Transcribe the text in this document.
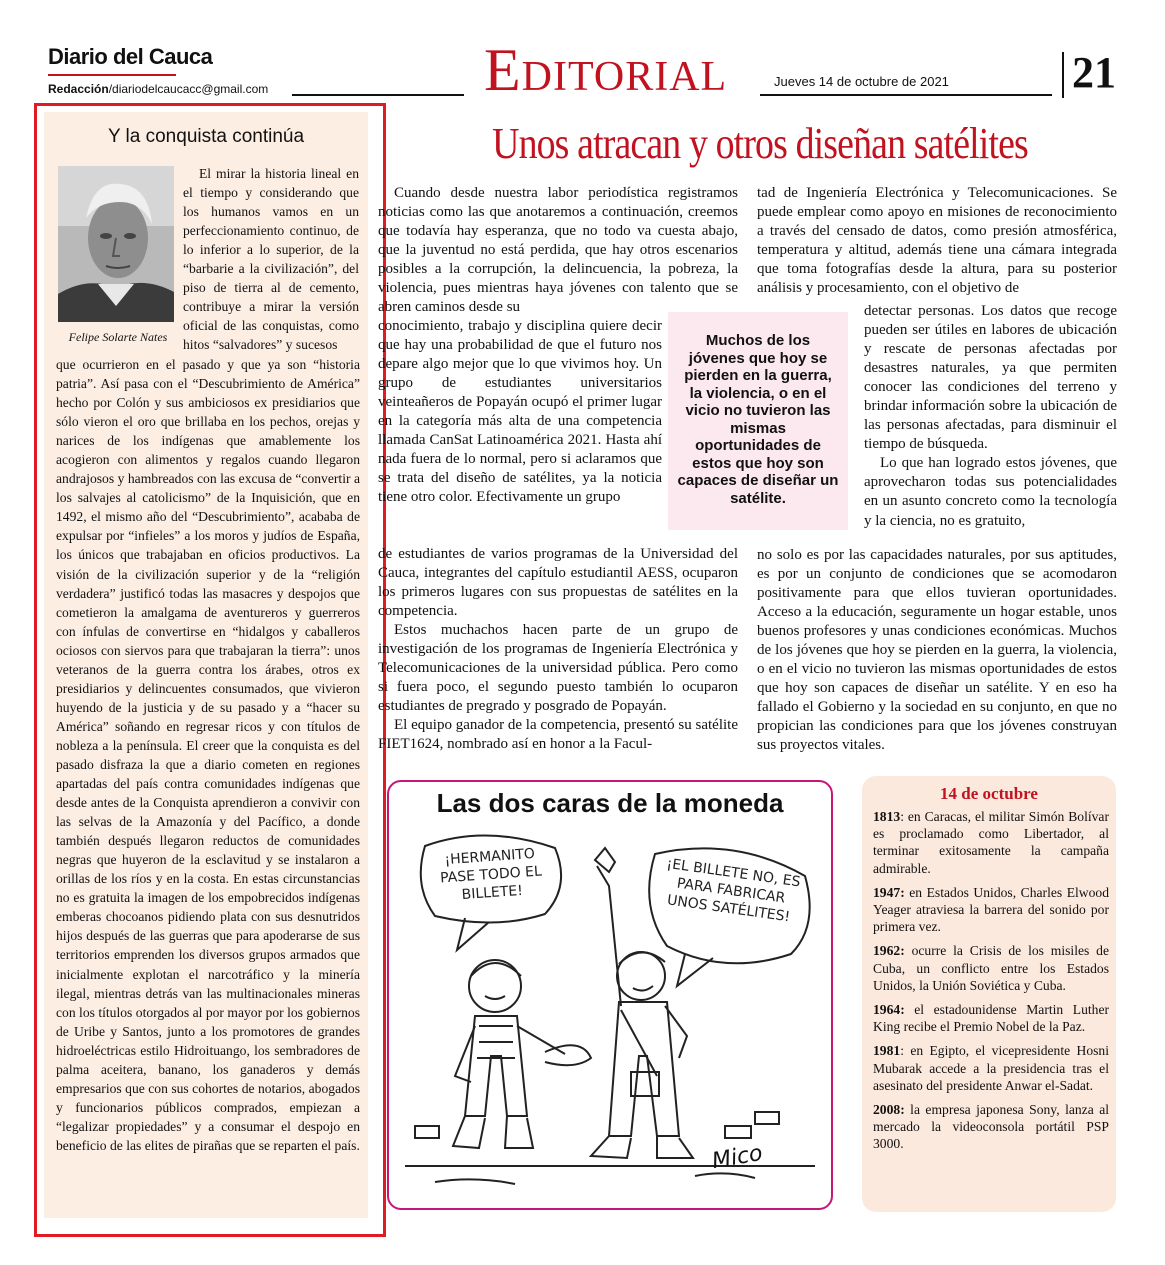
Diario del Cauca
Redacción/diariodelcaucacc@gmail.com	Editorial	Jueves 14 de octubre de 2021	21
Y la conquista continúa
Felipe Solarte Nates
El mirar la historia lineal en el tiempo y considerando que los humanos vamos en un perfeccionamiento continuo, de lo inferior a lo superior, de la “barbarie a la civilización”, del piso de tierra al de cemento, contribuye a mirar la versión oficial de las conquistas, como hitos “salvadores” y sucesos
que ocurrieron en el pasado y que ya son “historia patria”. Así pasa con el “Descubrimiento de América” hecho por Colón y sus ambiciosos ex presidiarios que sólo vieron el oro que brillaba en los pechos, orejas y narices de los indígenas que amablemente los acogieron con alimentos y regalos cuando llegaron andrajosos y hambreados con las excusa de “convertir a los salvajes al catolicismo” de la Inquisición, que en 1492, el mismo año del “Descubrimiento”, acababa de expulsar por “infieles” a los moros y judíos de España, los únicos que trabajaban en oficios productivos. La visión de la civilización superior y de la “religión verdadera” justificó todas las masacres y despojos que cometieron la amalgama de aventureros y guerreros con ínfulas de convertirse en “hidalgos y caballeros ociosos con siervos para que trabajaran la tierra”: unos veteranos de la guerra contra los árabes, otros ex presidiarios y delincuentes consumados, que vivieron huyendo de la justicia y de su pasado y a “hacer su América” soñando en regresar ricos y con títulos de nobleza a la península. El creer que la conquista es del pasado disfraza la que a diario cometen en regiones apartadas del país contra comunidades indígenas que desde antes de la Conquista aprendieron a convivir con las selvas de la Amazonía y del Pacífico, a donde también después llegaron reductos de comunidades negras que huyeron de la esclavitud y se instalaron a orillas de los ríos y en la costa. En estas circunstancias no es gratuita la imagen de los empobrecidos indígenas emberas chocoanos pidiendo plata con sus desnutridos hijos después de las guerras que para apoderarse de sus territorios emprenden los diversos grupos armados que inicialmente explotan el narcotráfico y la minería ilegal, mientras detrás van las multinacionales mineras con los títulos otorgados al por mayor por los gobiernos de Uribe y Santos, junto a los promotores de grandes hidroeléctricas estilo Hidroituango, los sembradores de palma aceitera, banano, los ganaderos y demás empresarios que con sus cohortes de notarios, abogados y funcionarios públicos comprados, empiezan a “legalizar propiedades” y a consumar el despojo en beneficio de las elites de pirañas que se reparten el país.
Unos atracan y otros diseñan satélites
Cuando desde nuestra labor periodística registramos noticias como las que anotaremos a continuación, creemos que todavía hay esperanza, que no todo va cuesta abajo, que la juventud no está perdida, que hay otros escenarios posibles a la corrupción, la delincuencia, la pobreza, la violencia, pues mientras haya jóvenes con talento que se abren caminos desde su
conocimiento, trabajo y disciplina quiere decir que hay una probabilidad de que el futuro nos depare algo mejor que lo que vivimos hoy. Un grupo de estudiantes universitarios veinteañeros de Popayán ocupó el primer lugar en la categoría más alta de una competencia llamada CanSat Latinoamérica 2021. Hasta ahí nada fuera de lo normal, pero si aclaramos que se trata del diseño de satélites, ya la noticia tiene otro color. Efectivamente un grupo
de estudiantes de varios programas de la Universidad del Cauca, integrantes del capítulo estudiantil AESS, ocuparon los primeros lugares con sus propuestas de satélites en la competencia.
Estos muchachos hacen parte de un grupo de investigación de los programas de Ingeniería Electrónica y Telecomunicaciones de la universidad pública. Pero como si fuera poco, el segundo puesto también lo ocuparon estudiantes de pregrado y posgrado de Popayán.
El equipo ganador de la competencia, presentó su satélite FIET1624, nombrado así en honor a la Facul-
tad de Ingeniería Electrónica y Telecomunicaciones. Se puede emplear como apoyo en misiones de reconocimiento a través del censado de datos, como presión atmosférica, temperatura y altitud, además tiene una cámara integrada que toma fotografías desde la altura, para su posterior análisis y procesamiento, con el objetivo de
detectar personas. Los datos que recoge pueden ser útiles en labores de ubicación y rescate de personas afectadas por desastres naturales, ya que permiten conocer las condiciones del terreno y brindar información sobre la ubicación de las personas afectadas, para disminuir el tiempo de búsqueda.
Lo que han logrado estos jóvenes, que aprovecharon todas sus potencialidades en un asunto concreto como la tecnología y la ciencia, no es gratuito,
no solo es por las capacidades naturales, por sus aptitudes, es por un conjunto de condiciones que se acomodaron positivamente para que ellos tuvieran oportunidades. Acceso a la educación, seguramente un hogar estable, unos buenos profesores y unas condiciones económicas. Muchos de los jóvenes que hoy se pierden en la guerra, la violencia, o en el vicio no tuvieron las mismas oportunidades de estos que hoy son capaces de diseñar un satélite. Y en eso ha fallado el Gobierno y la sociedad en su conjunto, en que no propician las condiciones para que los jóvenes construyan sus proyectos vitales.
Muchos de los jóvenes que hoy se pierden en la guerra, la violencia, o en el vicio no tuvieron las mismas oportunidades de estos que hoy son capaces de diseñar un satélite.
Las dos caras de la moneda
¡HERMANITO PASE TODO EL BILLETE!
¡EL BILLETE NO, ES PARA FABRICAR UNOS SATÉLITES!
Mico
14 de octubre
1813: en Caracas, el militar Simón Bolívar es proclamado como Libertador, al terminar exitosamente la campaña admirable.
1947: en Estados Unidos, Charles Elwood Yeager atraviesa la barrera del sonido por primera vez.
1962: ocurre la Crisis de los misiles de Cuba, un conflicto entre los Estados Unidos, la Unión Soviética y Cuba.
1964: el estadounidense Martin Luther King recibe el Premio Nobel de la Paz.
1981: en Egipto, el vicepresidente Hosni Mubarak accede a la presidencia tras el asesinato del presidente Anwar el-Sadat.
2008: la empresa japonesa Sony, lanza al mercado la videoconsola portátil PSP 3000.
